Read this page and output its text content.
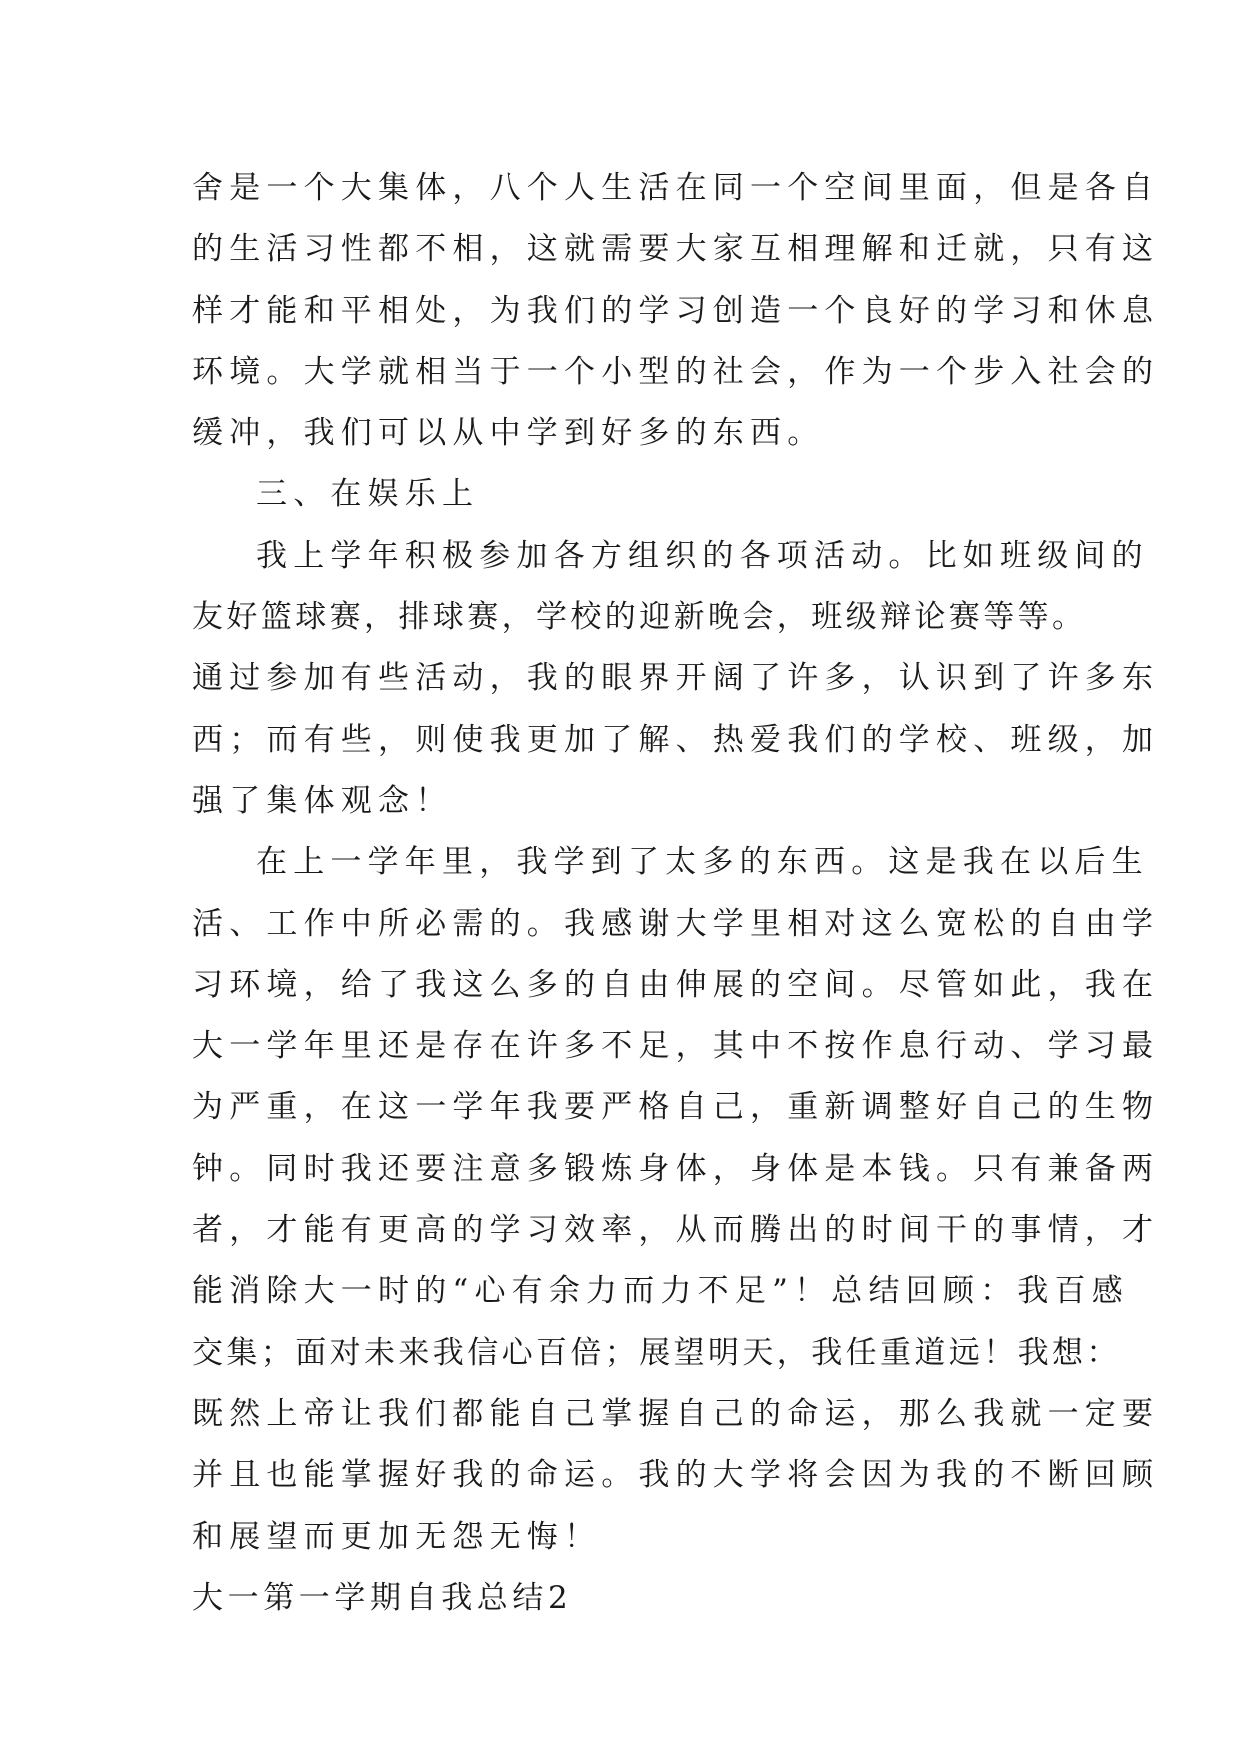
舍是一个大集体，八个人生活在同一个空间里面，但是各自
的生活习性都不相，这就需要大家互相理解和迁就，只有这
样才能和平相处，为我们的学习创造一个良好的学习和休息
环境。大学就相当于一个小型的社会，作为一个步入社会的
缓冲，我们可以从中学到好多的东西。
三、在娱乐上
我上学年积极参加各方组织的各项活动。比如班级间的
友好篮球赛，排球赛，学校的迎新晚会，班级辩论赛等等。
通过参加有些活动，我的眼界开阔了许多，认识到了许多东
西；而有些，则使我更加了解、热爱我们的学校、班级，加
强了集体观念！
在上一学年里，我学到了太多的东西。这是我在以后生
活、工作中所必需的。我感谢大学里相对这么宽松的自由学
习环境，给了我这么多的自由伸展的空间。尽管如此，我在
大一学年里还是存在许多不足，其中不按作息行动、学习最
为严重，在这一学年我要严格自己，重新调整好自己的生物
钟。同时我还要注意多锻炼身体，身体是本钱。只有兼备两
者，才能有更高的学习效率，从而腾出的时间干的事情，才
能消除大一时的“心有余力而力不足”！总结回顾：我百感
交集；面对未来我信心百倍；展望明天，我任重道远！我想：
既然上帝让我们都能自己掌握自己的命运，那么我就一定要
并且也能掌握好我的命运。我的大学将会因为我的不断回顾
和展望而更加无怨无悔！
大一第一学期自我总结2
